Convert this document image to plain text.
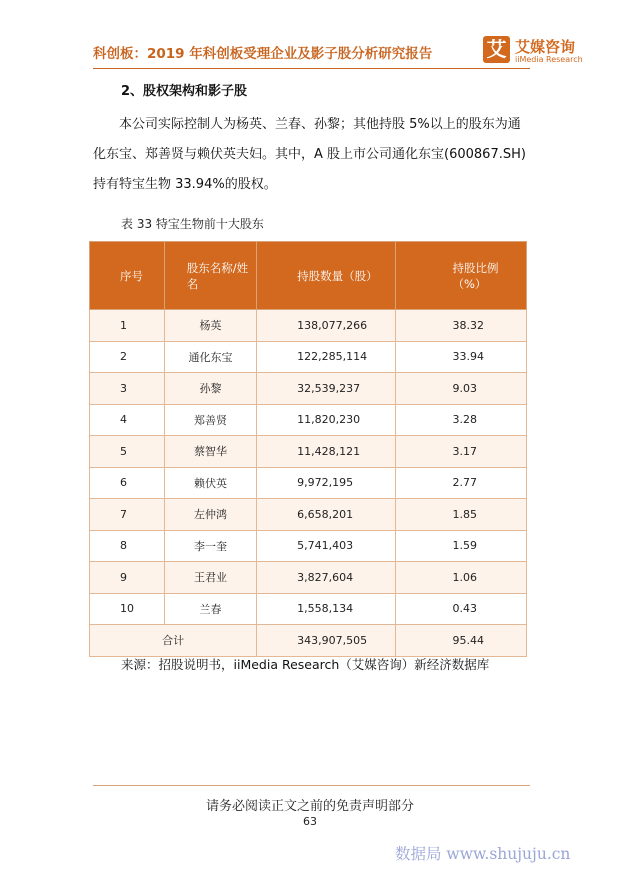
科创板：2019 年科创板受理企业及影子股分析研究报告	艾 艾媒咨询
iiMedia Research
2、股权架构和影子股

本公司实际控制人为杨英、兰春、孙黎；其他持股 5%以上的股东为通化东宝、郑善贤与赖伏英夫妇。其中，A 股上市公司通化东宝(600867.SH)持有特宝生物 33.94%的股权。

表 33 特宝生物前十大股东
序号	股东名称/姓名	持股数量（股）	持股比例（%）
1	杨英	138,077,266	38.32
2	通化东宝	122,285,114	33.94
3	孙黎	32,539,237	9.03
4	郑善贤	11,820,230	3.28
5	蔡智华	11,428,121	3.17
6	赖伏英	9,972,195	2.77
7	左仲鸿	6,658,201	1.85
8	李一奎	5,741,403	1.59
9	王君业	3,827,604	1.06
10	兰春	1,558,134	0.43
合计		343,907,505	95.44
来源：招股说明书，iiMedia Research（艾媒咨询）新经济数据库
请务必阅读正文之前的免责声明部分
63
数据局 www.shujuju.cn
